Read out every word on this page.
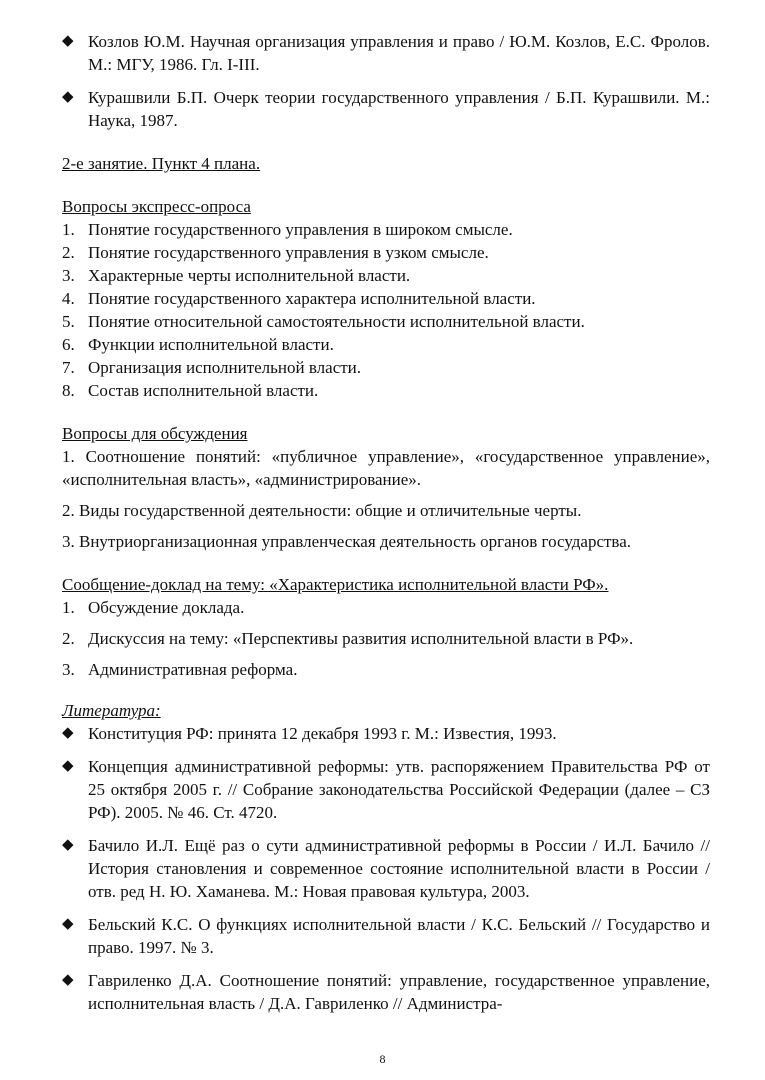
◆ Козлов Ю.М. Научная организация управления и право / Ю.М. Козлов, Е.С. Фролов. М.: МГУ, 1986. Гл. I-III.
◆ Курашвили Б.П. Очерк теории государственного управления / Б.П. Курашвили. М.: Наука, 1987.

2-е занятие. Пункт 4 плана.

Вопросы экспресс-опроса

1. Понятие государственного управления в широком смысле.
2. Понятие государственного управления в узком смысле.
3. Характерные черты исполнительной власти.
4. Понятие государственного характера исполнительной власти.
5. Понятие относительной самостоятельности исполнительной власти.
6. Функции исполнительной власти.
7. Организация исполнительной власти.
8. Состав исполнительной власти.

Вопросы для обсуждения

1. Соотношение понятий: «публичное управление», «государственное управление», «исполнительная власть», «администрирование».

2. Виды государственной деятельности: общие и отличительные черты.

3. Внутриорганизационная управленческая деятельность органов государства.

Сообщение-доклад на тему: «Характеристика исполнительной власти РФ».

1. Обсуждение доклада.
2. Дискуссия на тему: «Перспективы развития исполнительной власти в РФ».
3. Административная реформа.

Литература:

◆ Конституция РФ: принята 12 декабря 1993 г. М.: Известия, 1993.
◆ Концепция административной реформы: утв. распоряжением Правительства РФ от 25 октября 2005 г. // Собрание законодательства Российской Федерации (далее – СЗ РФ). 2005. № 46. Ст. 4720.
◆ Бачило И.Л. Ещё раз о сути административной реформы в России / И.Л. Бачило // История становления и современное состояние исполнительной власти в России / отв. ред Н. Ю. Хаманева. М.: Новая правовая культура, 2003.
◆ Бельский К.С. О функциях исполнительной власти / К.С. Бельский // Государство и право. 1997. № 3.
◆ Гавриленко Д.А. Соотношение понятий: управление, государственное управление, исполнительная власть / Д.А. Гавриленко // Администра-
8
